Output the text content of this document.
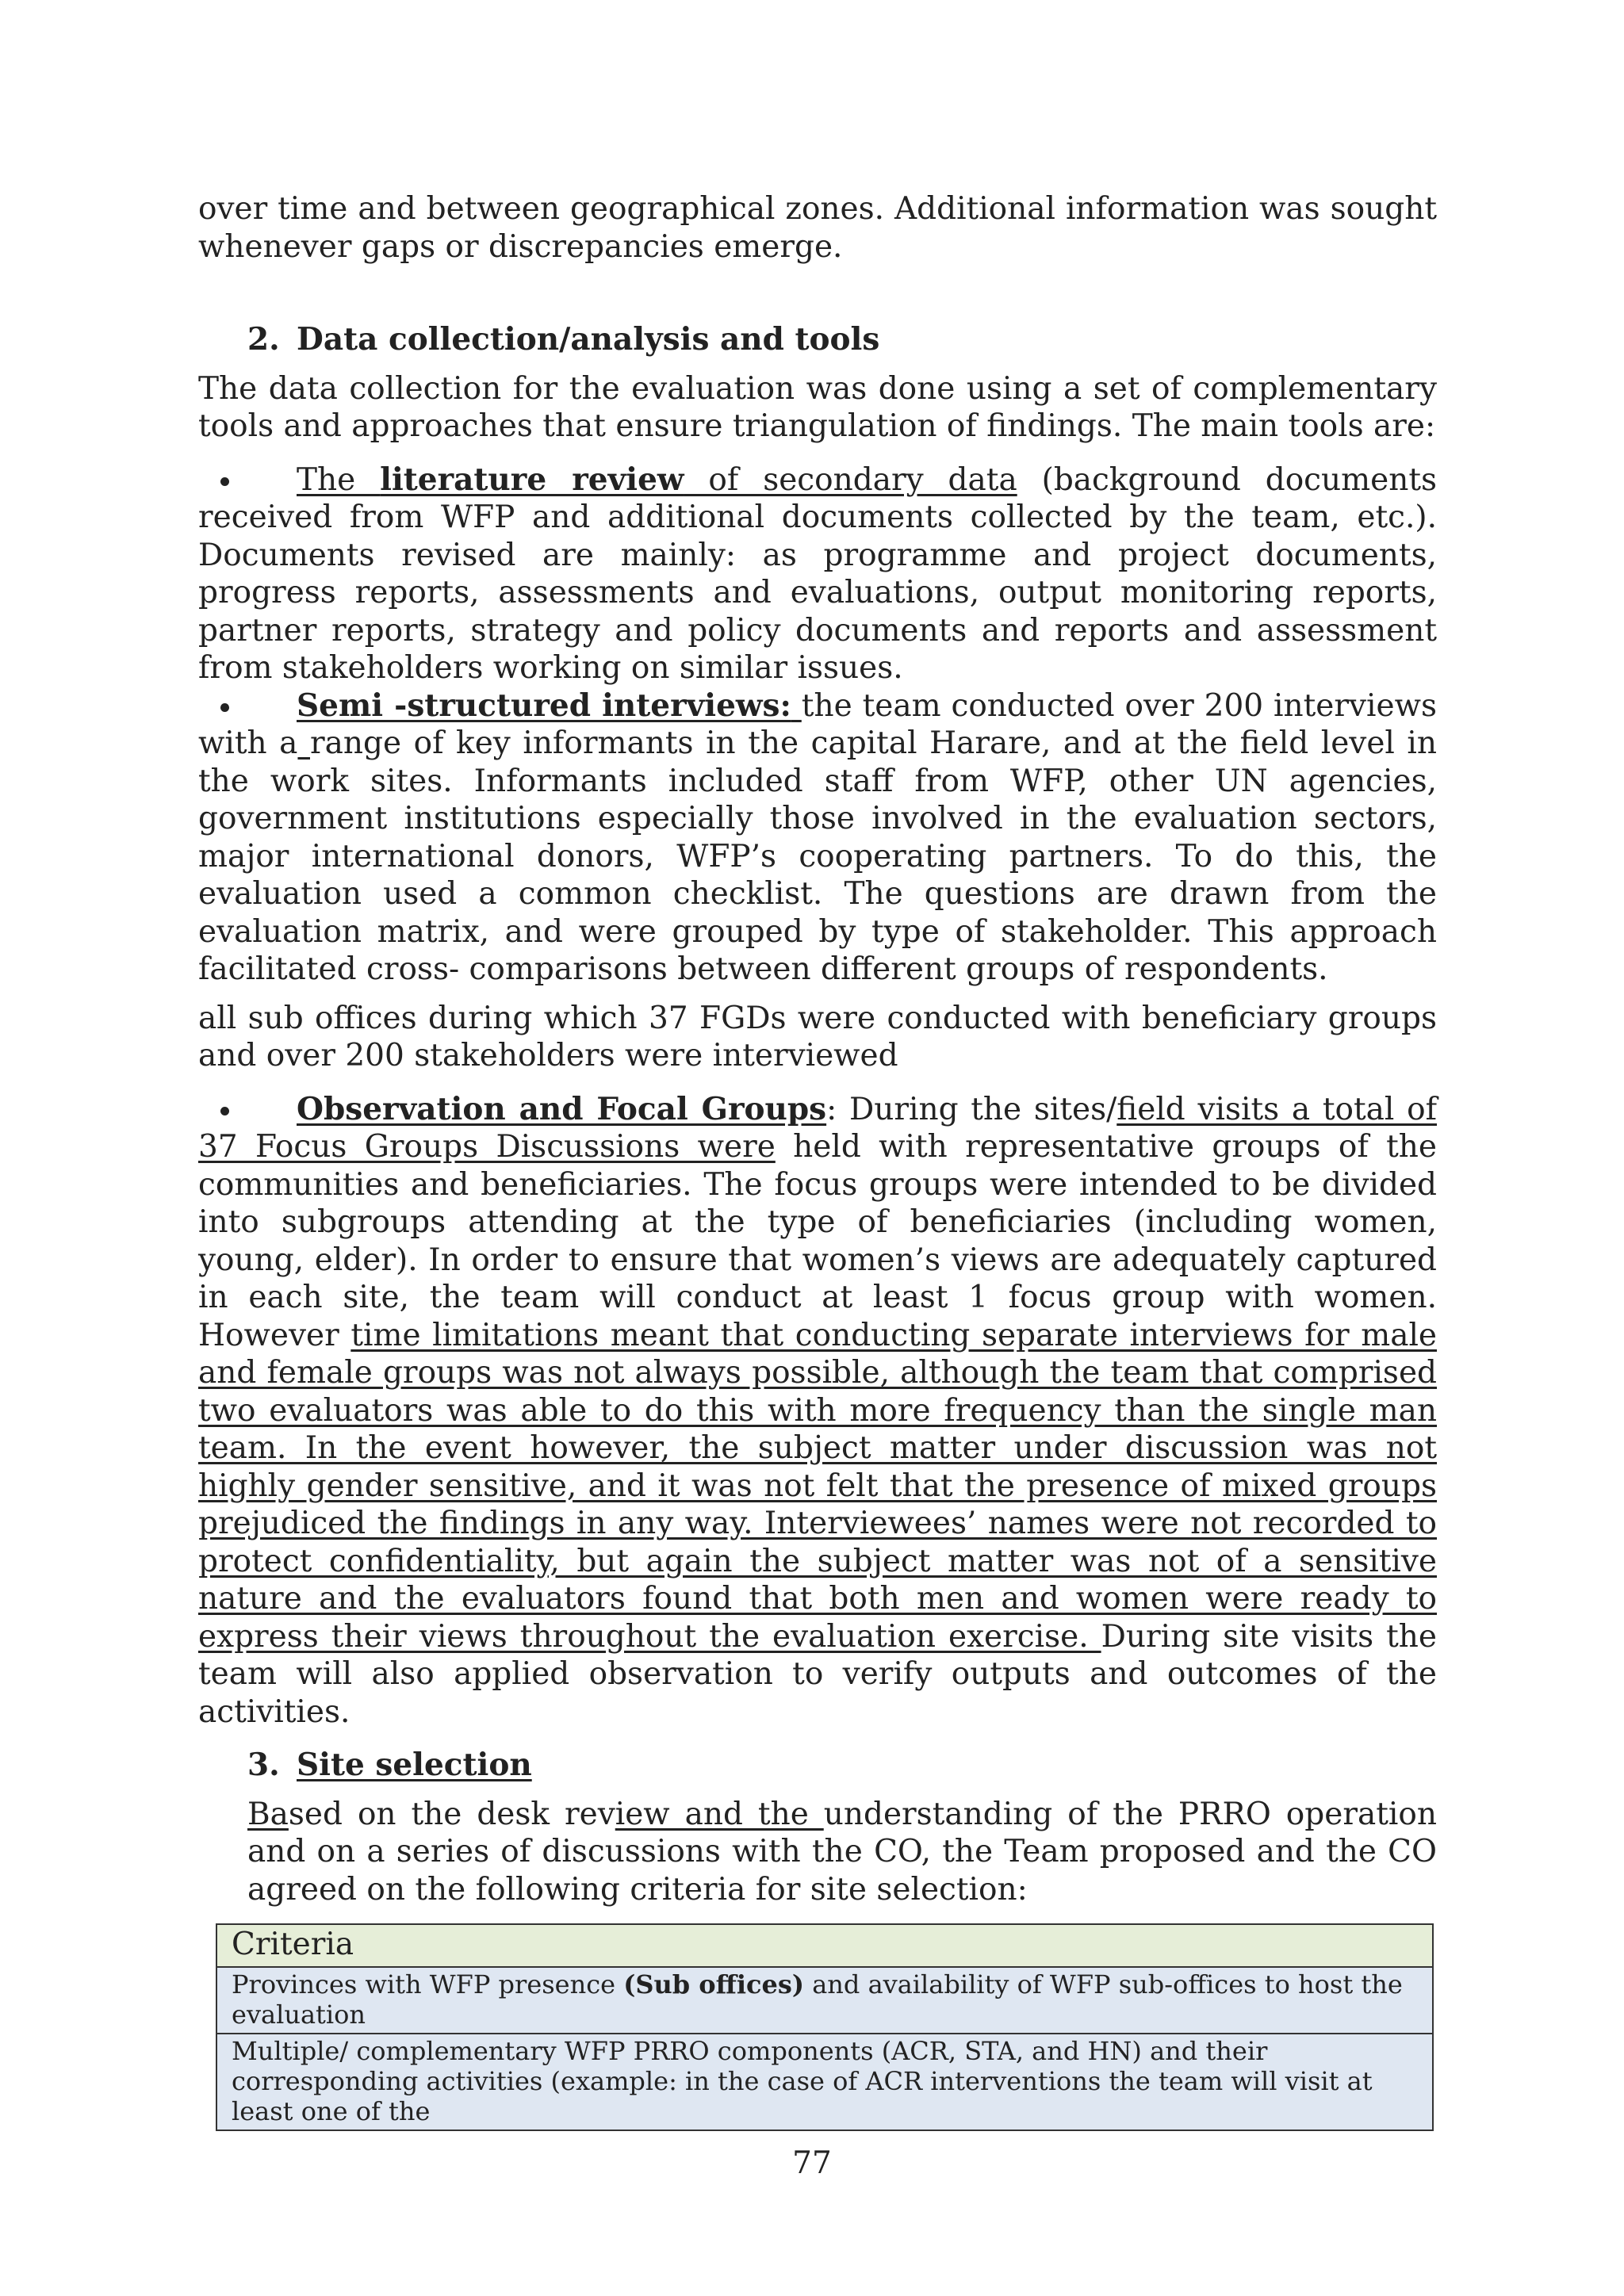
over time and between geographical zones. Additional information was sought whenever gaps or discrepancies emerge.

2. Data collection/analysis and tools

The data collection for the evaluation was done using a set of complementary tools and approaches that ensure triangulation of findings. The main tools are:

The literature review of secondary data (background documents received from WFP and additional documents collected by the team, etc.). Documents revised are mainly: as programme and project documents, progress reports, assessments and evaluations, output monitoring reports, partner reports, strategy and policy documents and reports and assessment from stakeholders working on similar issues.

Semi -structured interviews: the team conducted over 200 interviews with a range of key informants in the capital Harare, and at the field level in the work sites. Informants included staff from WFP, other UN agencies, government institutions especially those involved in the evaluation sectors, major international donors, WFP’s cooperating partners. To do this, the evaluation used a common checklist. The questions are drawn from the evaluation matrix, and were grouped by type of stakeholder. This approach facilitated cross- comparisons between different groups of respondents.

all sub offices during which 37 FGDs were conducted with beneficiary groups and over 200 stakeholders were interviewed

Observation and Focal Groups: During the sites/field visits a total of 37 Focus Groups Discussions were held with representative groups of the communities and beneficiaries. The focus groups were intended to be divided into subgroups attending at the type of beneficiaries (including women, young, elder). In order to ensure that women’s views are adequately captured in each site, the team will conduct at least 1 focus group with women. However time limitations meant that conducting separate interviews for male and female groups was not always possible, although the team that comprised two evaluators was able to do this with more frequency than the single man team. In the event however, the subject matter under discussion was not highly gender sensitive, and it was not felt that the presence of mixed groups prejudiced the findings in any way. Interviewees’ names were not recorded to protect confidentiality, but again the subject matter was not of a sensitive nature and the evaluators found that both men and women were ready to express their views throughout the evaluation exercise. During site visits the team will also applied observation to verify outputs and outcomes of the activities.

3. Site selection

Based on the desk review and the understanding of the PRRO operation and on a series of discussions with the CO, the Team proposed and the CO agreed on the following criteria for site selection:

Criteria
Provinces with WFP presence (Sub offices) and availability of WFP sub-offices to host the evaluation
Multiple/ complementary WFP PRRO components (ACR, STA, and HN) and their corresponding activities (example: in the case of ACR interventions the team will visit at least one of the
77
